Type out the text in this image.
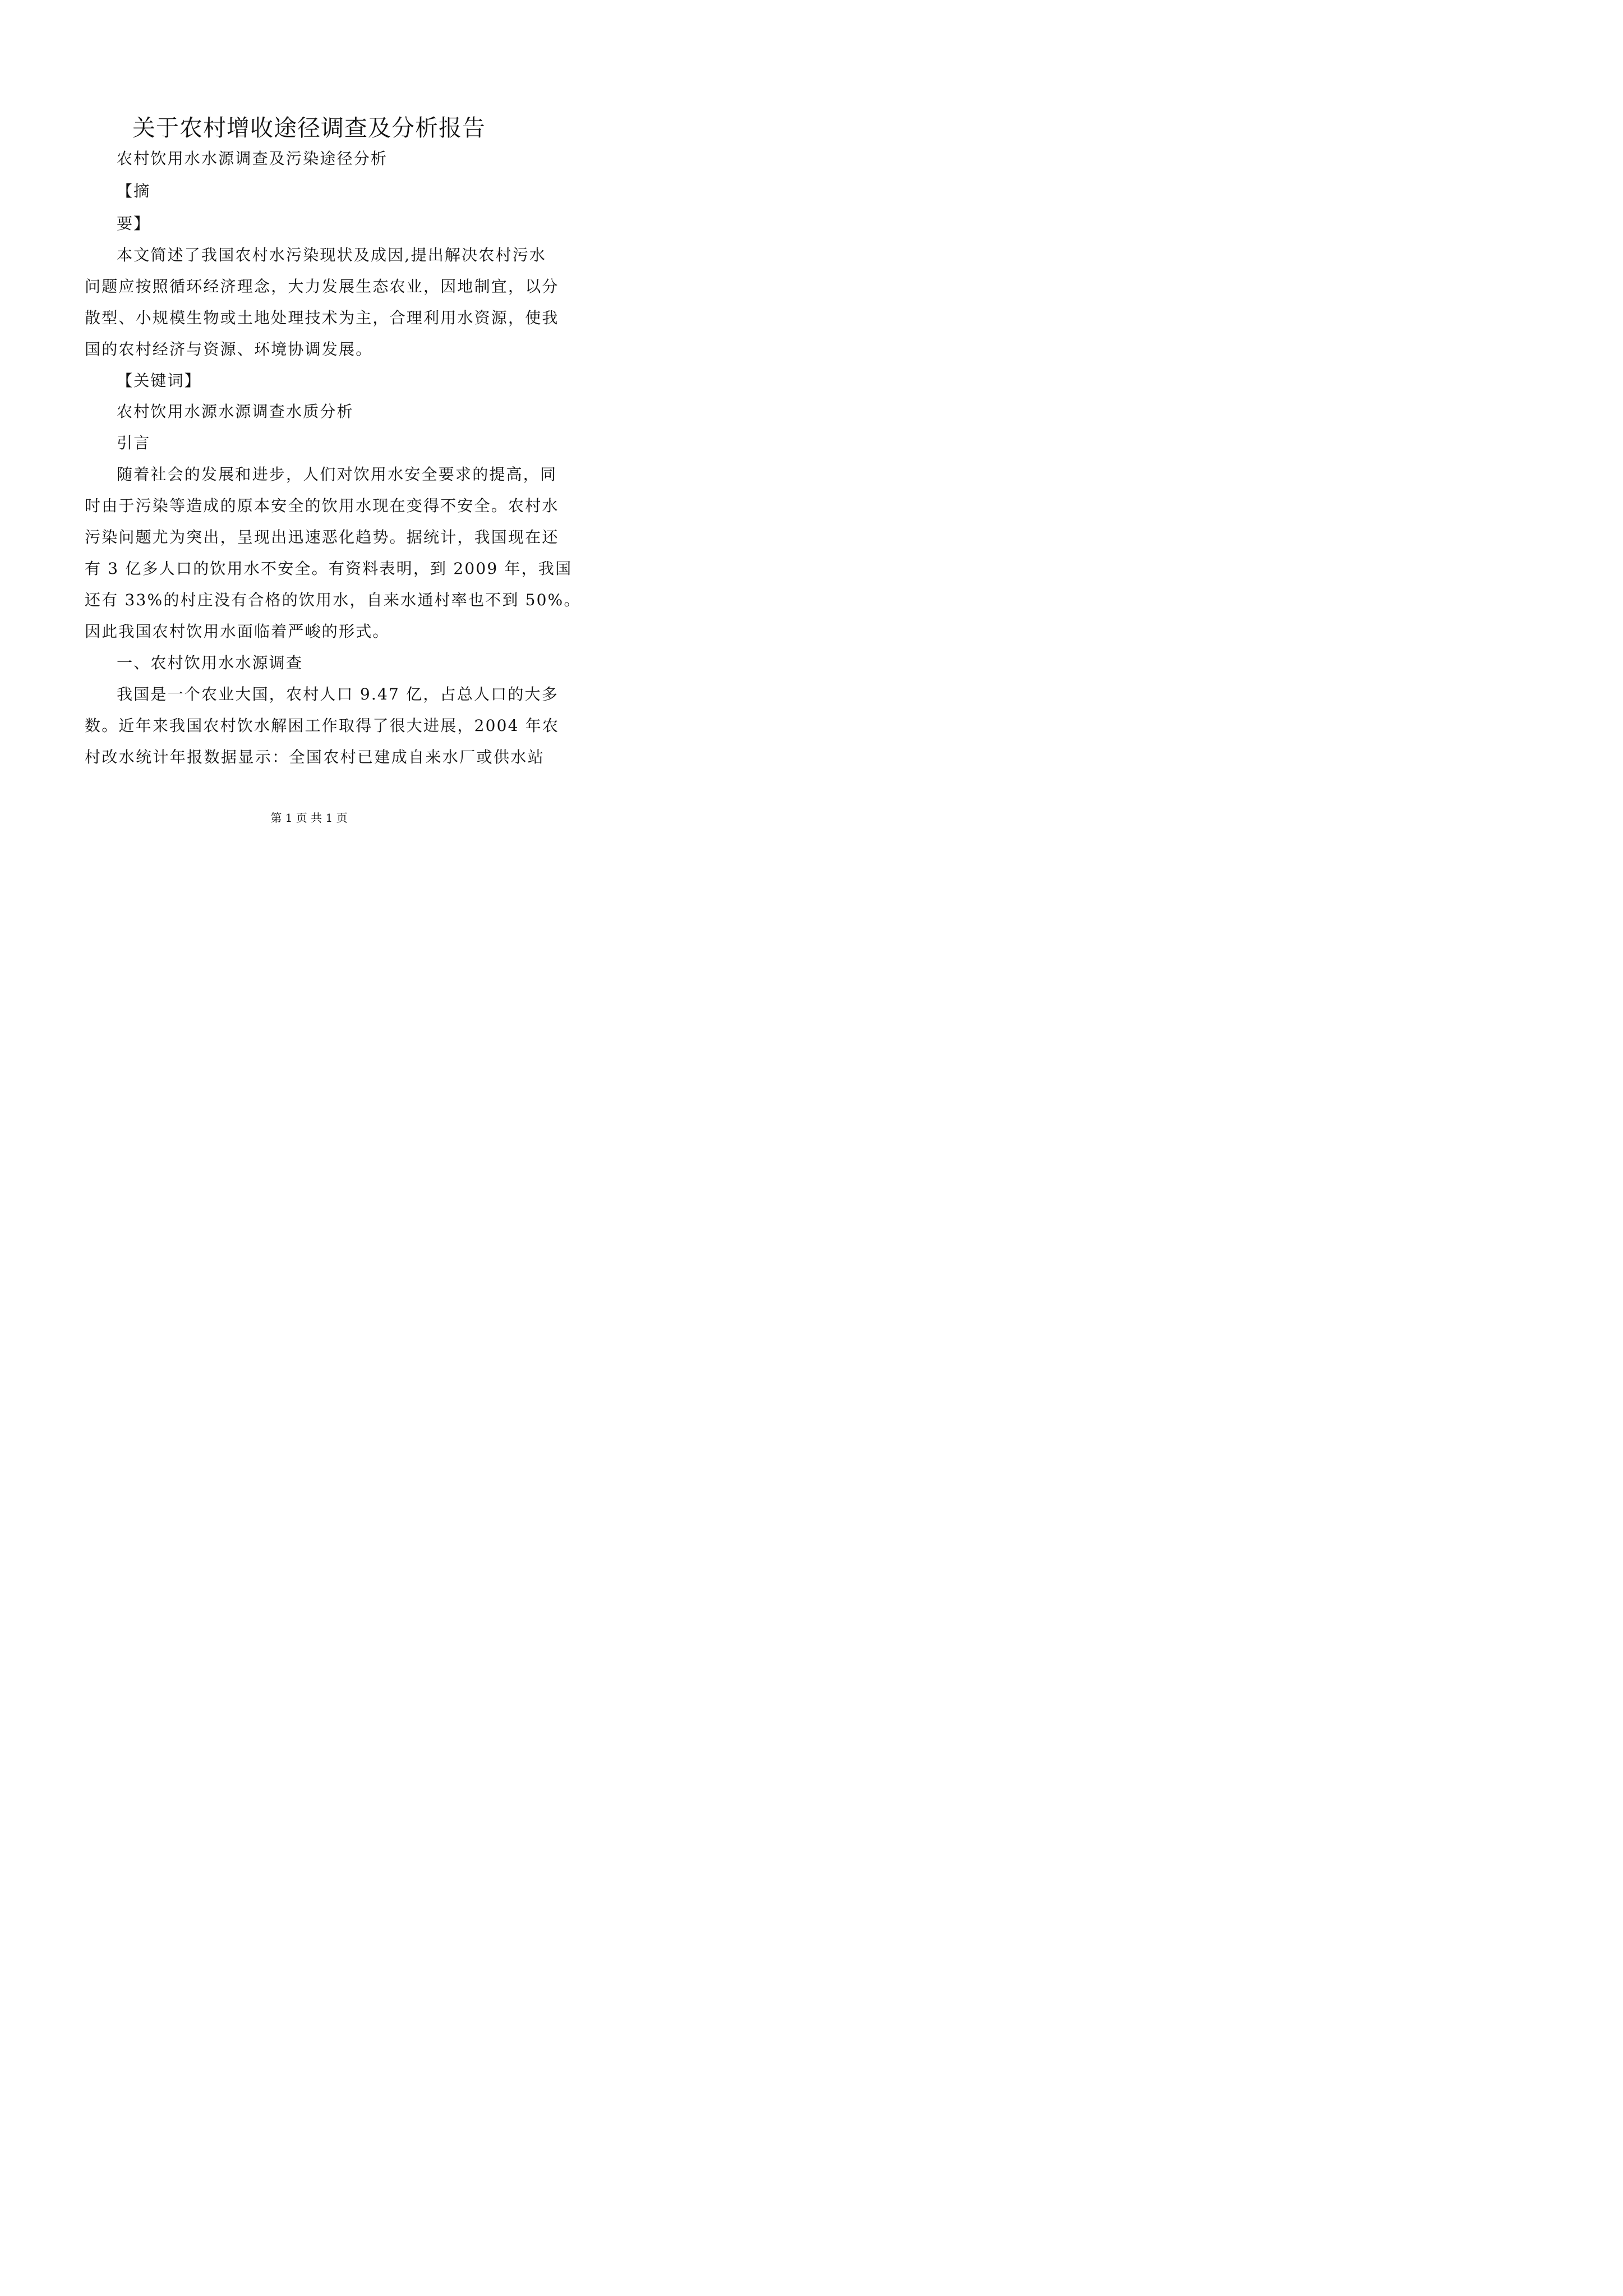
关于农村增收途径调查及分析报告
农村饮用水水源调查及污染途径分析
【摘
要】
本文简述了我国农村水污染现状及成因,提出解决农村污水
问题应按照循环经济理念，大力发展生态农业，因地制宜，以分
散型、小规模生物或土地处理技术为主，合理利用水资源，使我
国的农村经济与资源、环境协调发展。
【关键词】
农村饮用水源水源调查水质分析
引言
随着社会的发展和进步，人们对饮用水安全要求的提高，同
时由于污染等造成的原本安全的饮用水现在变得不安全。农村水
污染问题尤为突出，呈现出迅速恶化趋势。据统计，我国现在还
有 3 亿多人口的饮用水不安全。有资料表明，到 2009 年，我国
还有 33%的村庄没有合格的饮用水，自来水通村率也不到 50%。
因此我国农村饮用水面临着严峻的形式。
一、农村饮用水水源调查
我国是一个农业大国，农村人口 9.47 亿，占总人口的大多
数。近年来我国农村饮水解困工作取得了很大进展，2004 年农
村改水统计年报数据显示：全国农村已建成自来水厂或供水站
第 1 页 共 1 页
